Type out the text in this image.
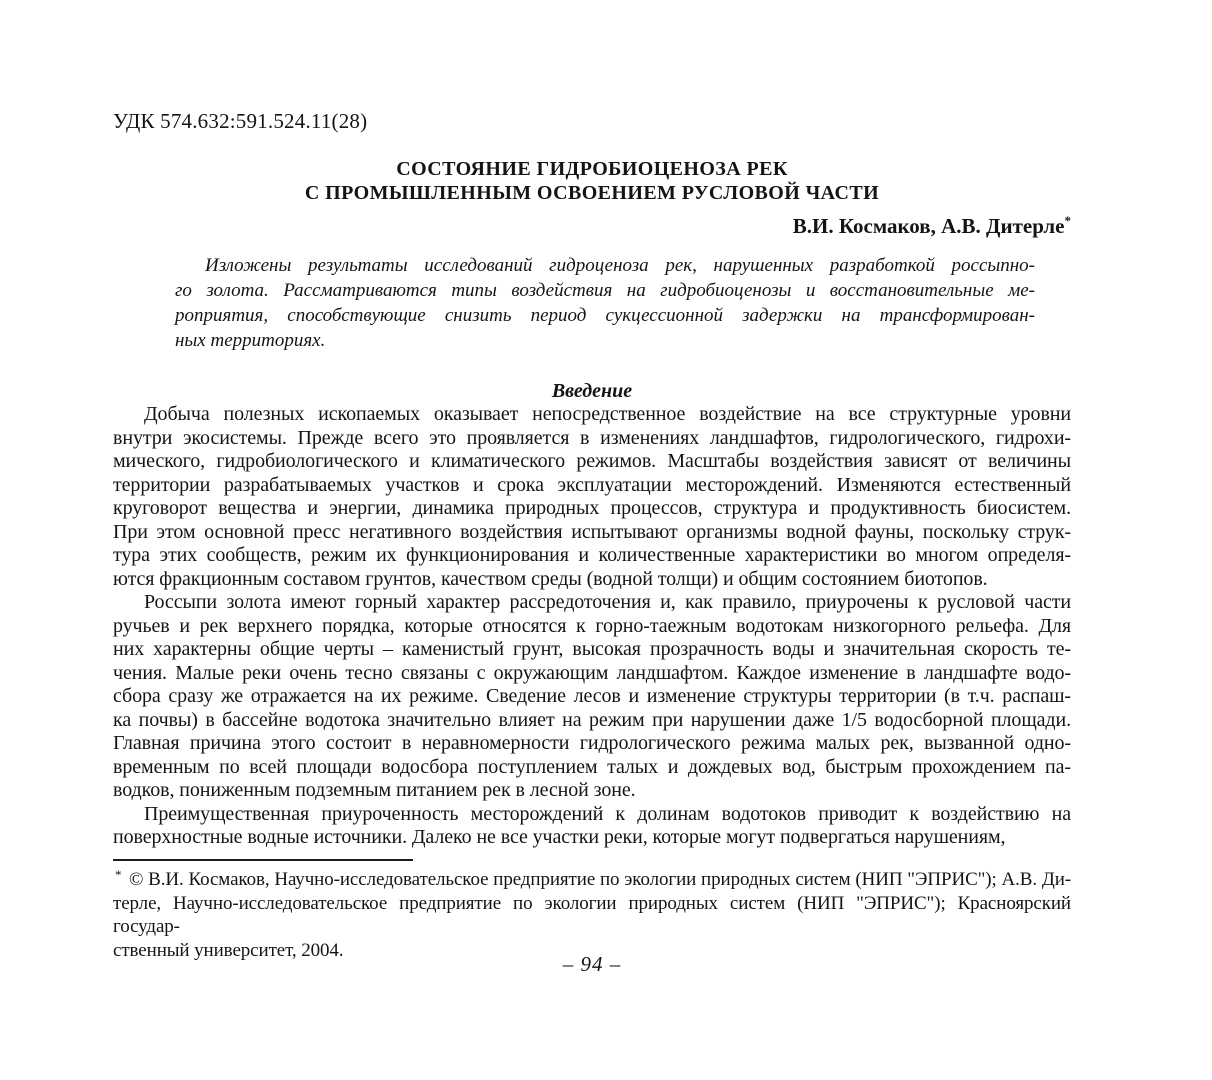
УДК 574.632:591.524.11(28)
СОСТОЯНИЕ ГИДРОБИОЦЕНОЗА РЕК
С ПРОМЫШЛЕННЫМ ОСВОЕНИЕМ РУСЛОВОЙ ЧАСТИ
В.И. Космаков, А.В. Дитерле*
Изложены результаты исследований гидроценоза рек, нарушенных разработкой россыпно-
го золота. Рассматриваются типы воздействия на гидробиоценозы и восстановительные ме-
роприятия, способствующие снизить период сукцессионной задержки на трансформирован-
ных территориях.
Введение
Добыча полезных ископаемых оказывает непосредственное воздействие на все структурные уровни
внутри экосистемы. Прежде всего это проявляется в изменениях ландшафтов, гидрологического, гидрохи-
мического, гидробиологического и климатического режимов. Масштабы воздействия зависят от величины
территории разрабатываемых участков и срока эксплуатации месторождений. Изменяются естественный
круговорот вещества и энергии, динамика природных процессов, структура и продуктивность биосистем.
При этом основной пресс негативного воздействия испытывают организмы водной фауны, поскольку струк-
тура этих сообществ, режим их функционирования и количественные характеристики во многом определя-
ются фракционным составом грунтов, качеством среды (водной толщи) и общим состоянием биотопов.
Россыпи золота имеют горный характер рассредоточения и, как правило, приурочены к русловой части
ручьев и рек верхнего порядка, которые относятся к горно-таежным водотокам низкогорного рельефа. Для
них характерны общие черты – каменистый грунт, высокая прозрачность воды и значительная скорость те-
чения. Малые реки очень тесно связаны с окружающим ландшафтом. Каждое изменение в ландшафте водо-
сбора сразу же отражается на их режиме. Сведение лесов и изменение структуры территории (в т.ч. распаш-
ка почвы) в бассейне водотока значительно влияет на режим при нарушении даже 1/5 водосборной площади.
Главная причина этого состоит в неравномерности гидрологического режима малых рек, вызванной одно-
временным по всей площади водосбора поступлением талых и дождевых вод, быстрым прохождением па-
водков, пониженным подземным питанием рек в лесной зоне.
Преимущественная приуроченность месторождений к долинам водотоков приводит к воздействию на
поверхностные водные источники. Далеко не все участки реки, которые могут подвергаться нарушениям,
* © В.И. Космаков, Научно-исследовательское предприятие по экологии природных систем (НИП "ЭПРИС"); А.В. Ди-
терле, Научно-исследовательское предприятие по экологии природных систем (НИП "ЭПРИС"); Красноярский государ-
ственный университет, 2004.
– 94 –
